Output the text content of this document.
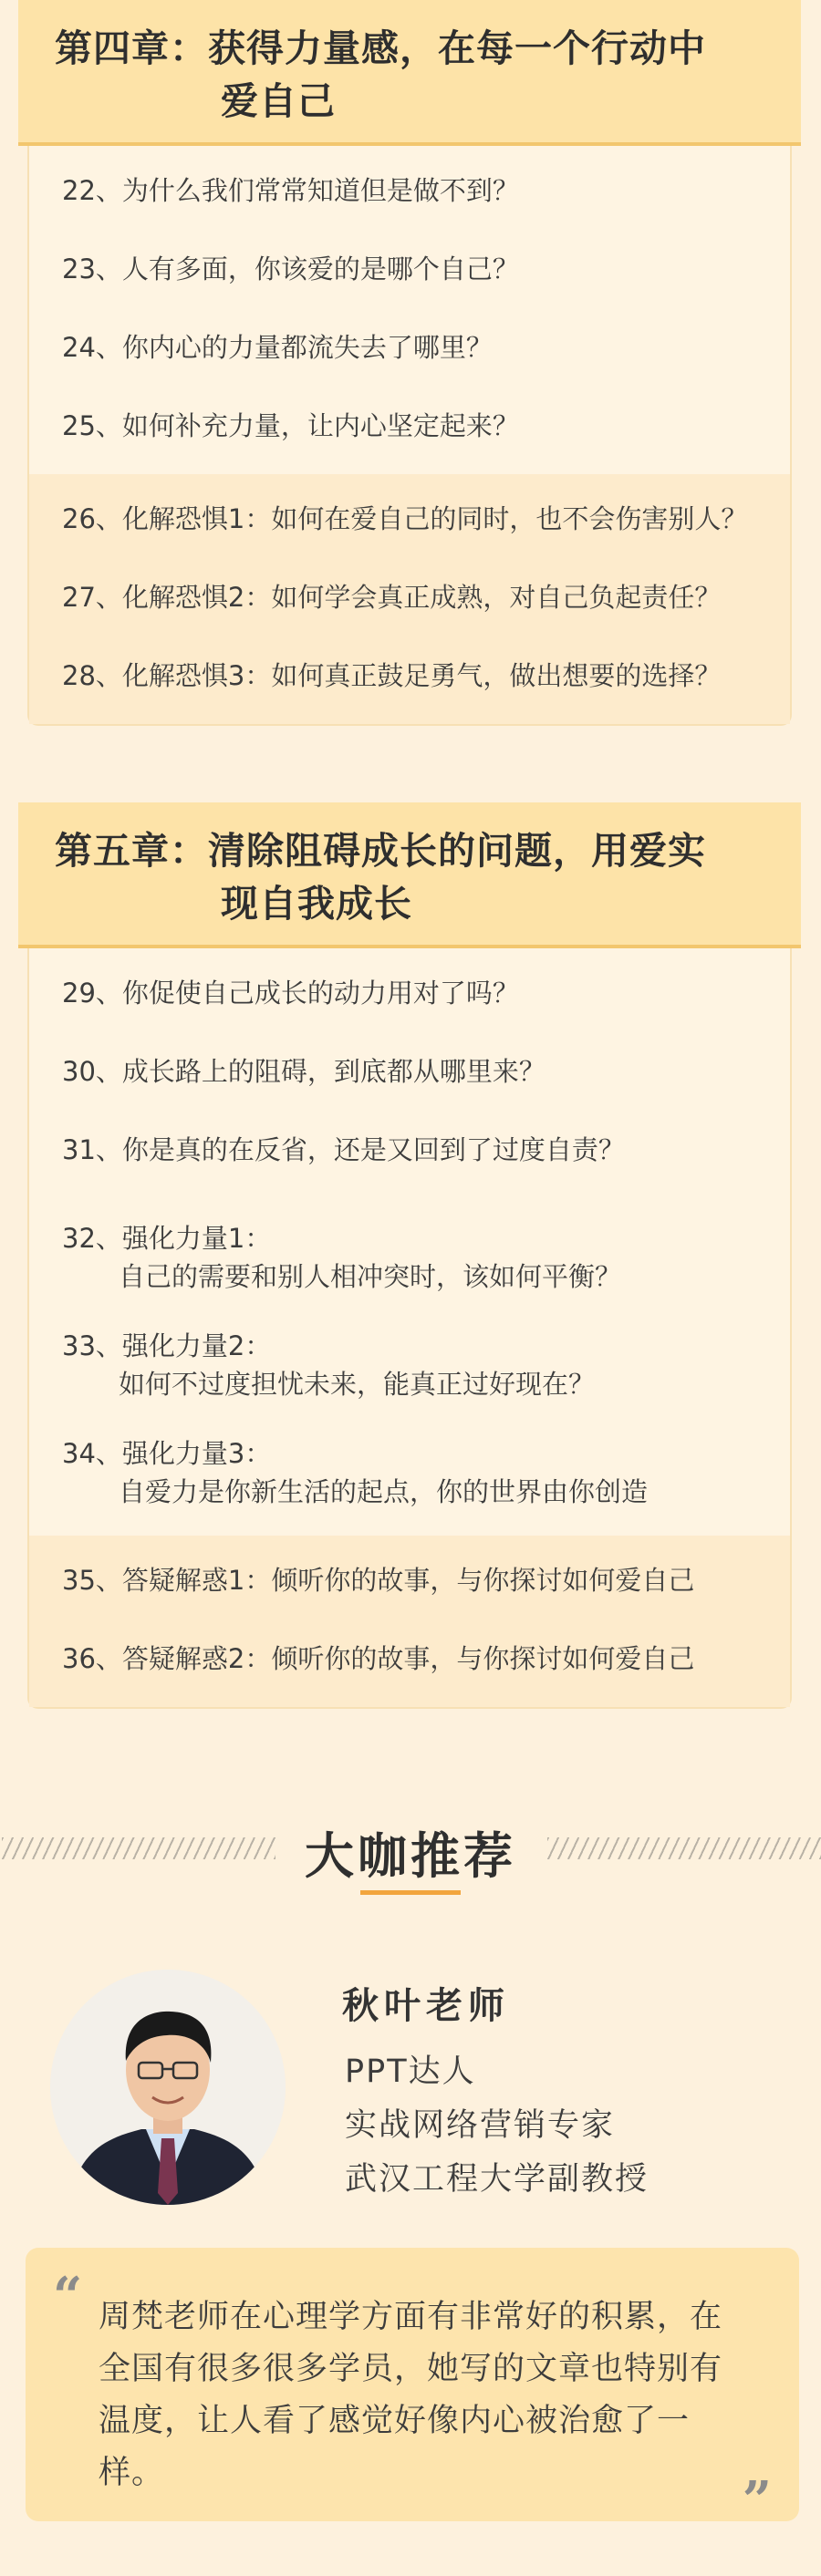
第四章：获得力量感，在每一个行动中
爱自己
22、为什么我们常常知道但是做不到？
23、人有多面，你该爱的是哪个自己？
24、你内心的力量都流失去了哪里？
25、如何补充力量，让内心坚定起来？
26、化解恐惧1：如何在爱自己的同时，也不会伤害别人？
27、化解恐惧2：如何学会真正成熟，对自己负起责任？
28、化解恐惧3：如何真正鼓足勇气，做出想要的选择？
第五章：清除阻碍成长的问题，用爱实
现自我成长
29、你促使自己成长的动力用对了吗？
30、成长路上的阻碍，到底都从哪里来？
31、你是真的在反省，还是又回到了过度自责？
32、强化力量1：
自己的需要和别人相冲突时，该如何平衡？
33、强化力量2：
如何不过度担忧未来，能真正过好现在？
34、强化力量3：
自爱力是你新生活的起点，你的世界由你创造
35、答疑解惑1：倾听你的故事，与你探讨如何爱自己
36、答疑解惑2：倾听你的故事，与你探讨如何爱自己
大咖推荐
秋叶老师
PPT达人
实战网络营销专家
武汉工程大学副教授
“ 周梵老师在心理学方面有非常好的积累，在全国有很多很多学员，她写的文章也特别有温度，让人看了感觉好像内心被治愈了一样。	”
